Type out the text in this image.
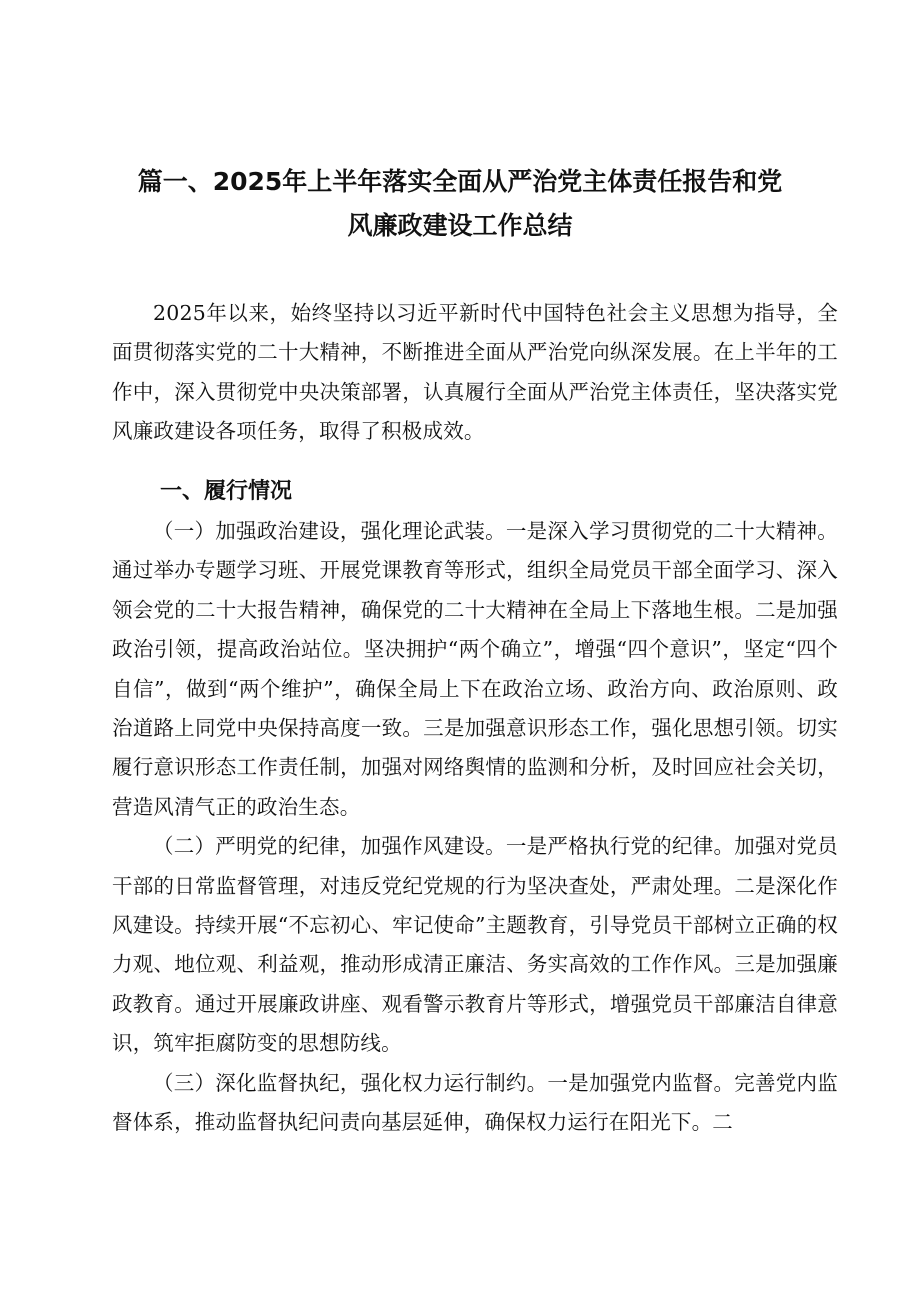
篇一、2025年上半年落实全面从严治党主体责任报告和党
风廉政建设工作总结

2025年以来，始终坚持以习近平新时代中国特色社会主义思想为指导，全面贯彻落实党的二十大精神，不断推进全面从严治党向纵深发展。在上半年的工作中，深入贯彻党中央决策部署，认真履行全面从严治党主体责任，坚决落实党风廉政建设各项任务，取得了积极成效。

一、履行情况

（一）加强政治建设，强化理论武装。一是深入学习贯彻党的二十大精神。通过举办专题学习班、开展党课教育等形式，组织全局党员干部全面学习、深入领会党的二十大报告精神，确保党的二十大精神在全局上下落地生根。二是加强政治引领，提高政治站位。坚决拥护“两个确立”，增强“四个意识”，坚定“四个自信”，做到“两个维护”，确保全局上下在政治立场、政治方向、政治原则、政治道路上同党中央保持高度一致。三是加强意识形态工作，强化思想引领。切实履行意识形态工作责任制，加强对网络舆情的监测和分析，及时回应社会关切，营造风清气正的政治生态。

（二）严明党的纪律，加强作风建设。一是严格执行党的纪律。加强对党员干部的日常监督管理，对违反党纪党规的行为坚决查处，严肃处理。二是深化作风建设。持续开展“不忘初心、牢记使命”主题教育，引导党员干部树立正确的权力观、地位观、利益观，推动形成清正廉洁、务实高效的工作作风。三是加强廉政教育。通过开展廉政讲座、观看警示教育片等形式，增强党员干部廉洁自律意识，筑牢拒腐防变的思想防线。

（三）深化监督执纪，强化权力运行制约。一是加强党内监督。完善党内监督体系，推动监督执纪问责向基层延伸，确保权力运行在阳光下。二
